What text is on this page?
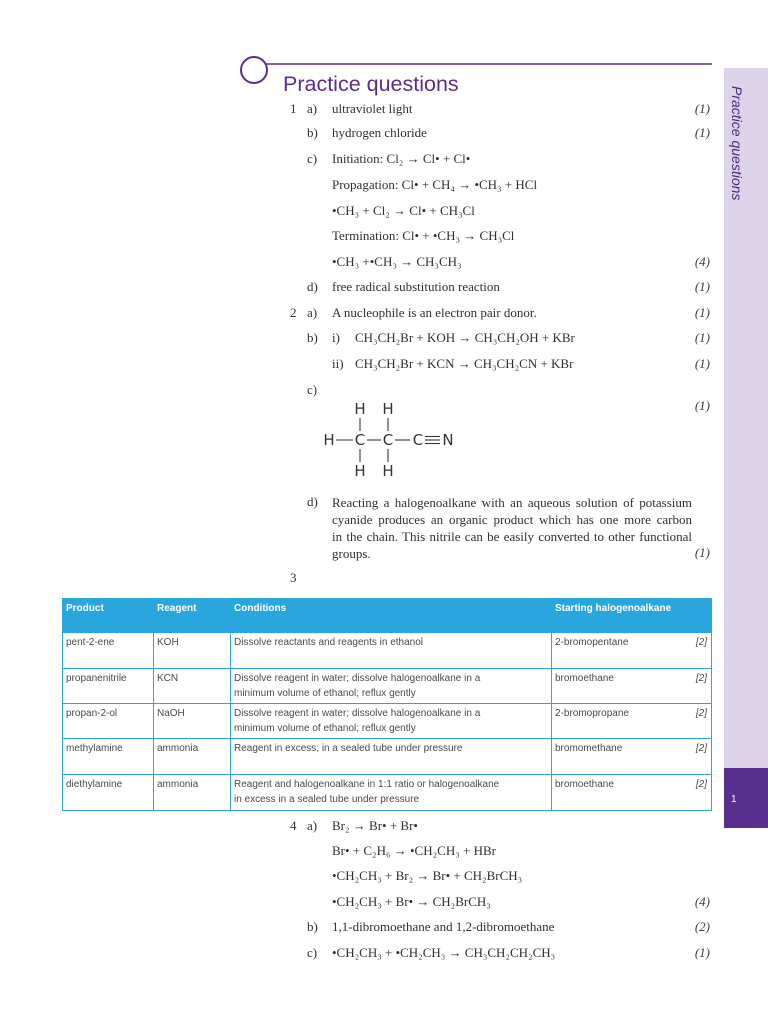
Practice questions
Practice questions
1
1 a) ultraviolet light	(1)
b) hydrogen chloride	(1)
c) Initiation: Cl₂ → Cl• + Cl•
Propagation: Cl• + CH₄ → •CH₃ + HCl
•CH₃ + Cl₂ → Cl• + CH₃Cl
Termination: Cl• + •CH₃ → CH₃Cl
•CH₃ +•CH₃ → CH₃CH₃	(4)
d) free radical substitution reaction	(1)
2 a) A nucleophile is an electron pair donor.	(1)
b) i) CH₃CH₂Br + KOH → CH₃CH₂OH + KBr	(1)
ii) CH₃CH₂Br + KCN → CH₃CH₂CN + KBr	(1)
c)
(1)
H H
H C C C N
H H
d) Reacting a halogenoalkane with an aqueous solution of potassium
cyanide produces an organic product which has one more carbon
in the chain. This nitrile can be easily converted to other functional
groups.	(1)
3
Product	Reagent	Conditions	Starting halogenoalkane
pent-2-ene	KOH	Dissolve reactants and reagents in ethanol	2-bromopentane [2]

propanenitrile	KCN	Dissolve reagent in water; dissolve halogenoalkane in a
minimum volume of ethanol; reflux gently	bromoethane [2]

propan-2-ol	NaOH	Dissolve reagent in water; dissolve halogenoalkane in a
minimum volume of ethanol; reflux gently	2-bromopropane [2]

methylamine	ammonia	Reagent in excess; in a sealed tube under pressure	bromomethane [2]

diethylamine	ammonia	Reagent and halogenoalkane in 1:1 ratio or halogenoalkane
in excess in a sealed tube under pressure	bromoethane [2]
4 a) Br₂ → Br• + Br•
Br• + C₂H₆ → •CH₂CH₃ + HBr
•CH₂CH₃ + Br₂ → Br• + CH₂BrCH₃
•CH₂CH₃ + Br• → CH₂BrCH₃	(4)
b) 1,1-dibromoethane and 1,2-dibromoethane	(2)
c) •CH₂CH₃ + •CH₂CH₃ → CH₃CH₂CH₂CH₃	(1)
